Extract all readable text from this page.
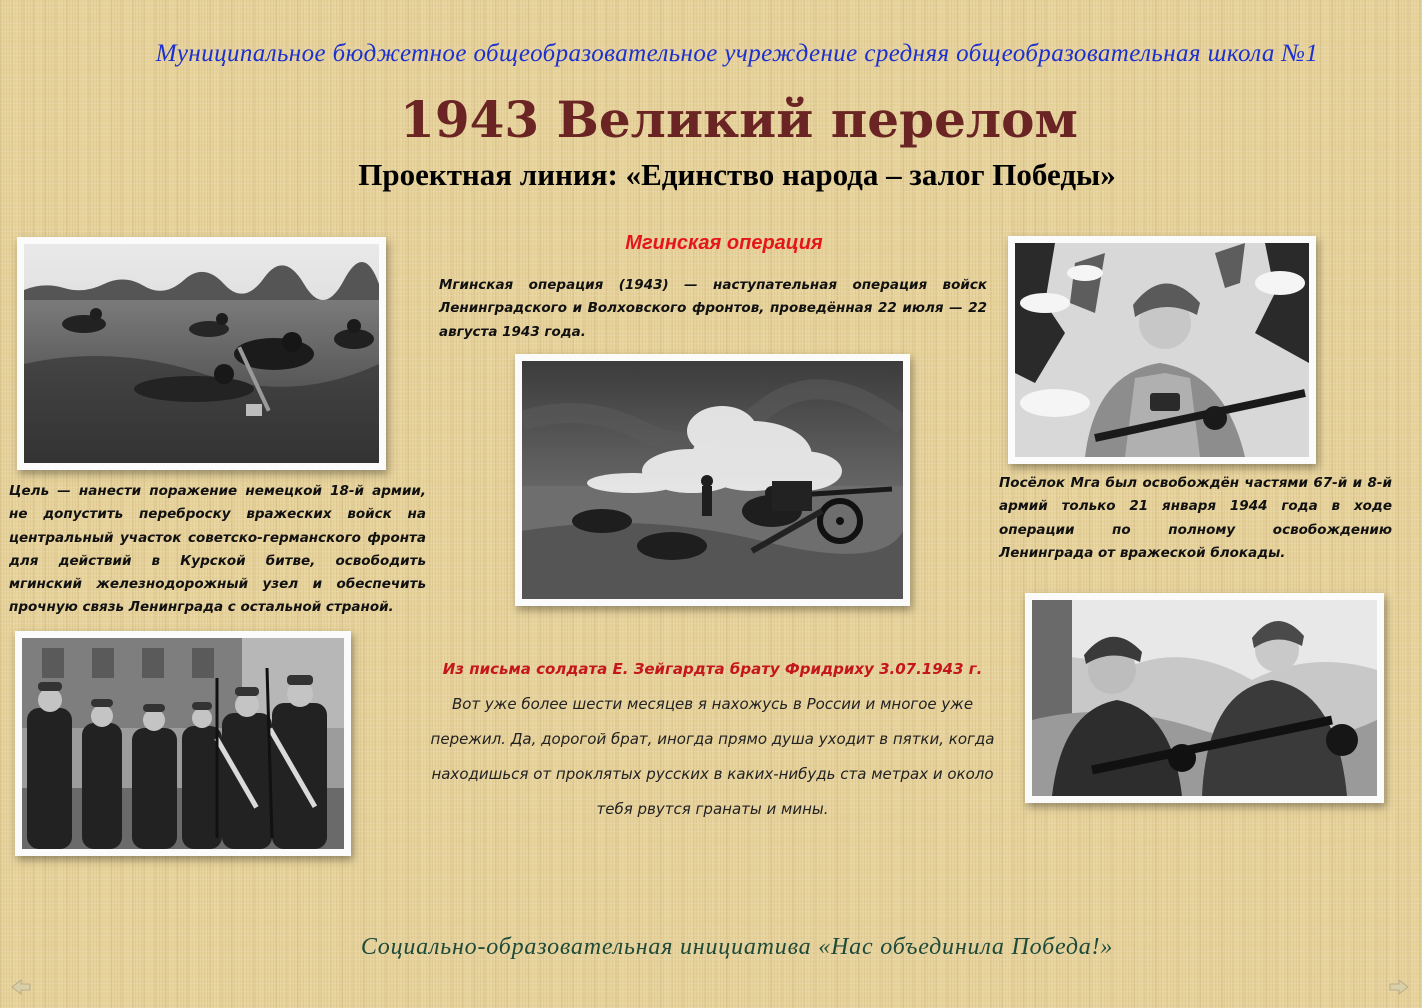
Муниципальное бюджетное общеобразовательное учреждение средняя общеобразовательная школа №1
1943 Великий перелом
Проектная линия: «Единство народа – залог Победы»
Мгинская операция
Мгинская операция (1943) — наступательная операция войск Ленинградского и Волховского фронтов, проведённая 22 июля — 22 августа 1943 года.
Цель — нанести поражение немецкой 18-й армии, не допустить переброску вражеских войск на центральный участок советско-германского фронта для действий в Курской битве, освободить мгинский железнодорожный узел и обеспечить прочную связь Ленинграда с остальной страной.
Посёлок Мга был освобождён частями 67-й и 8-й армий только 21 января 1944 года в ходе операции по полному освобождению Ленинграда от вражеской блокады.
Из письма солдата Е. Зейгардта брату Фридриху 3.07.1943 г.
Вот уже более шести месяцев я нахожусь в России и многое уже пережил. Да, дорогой брат, иногда прямо душа уходит в пятки, когда находишься от проклятых русских в каких-нибудь ста метрах и около тебя рвутся гранаты и мины.
Социально-образовательная инициатива «Нас объединила Победа!»
